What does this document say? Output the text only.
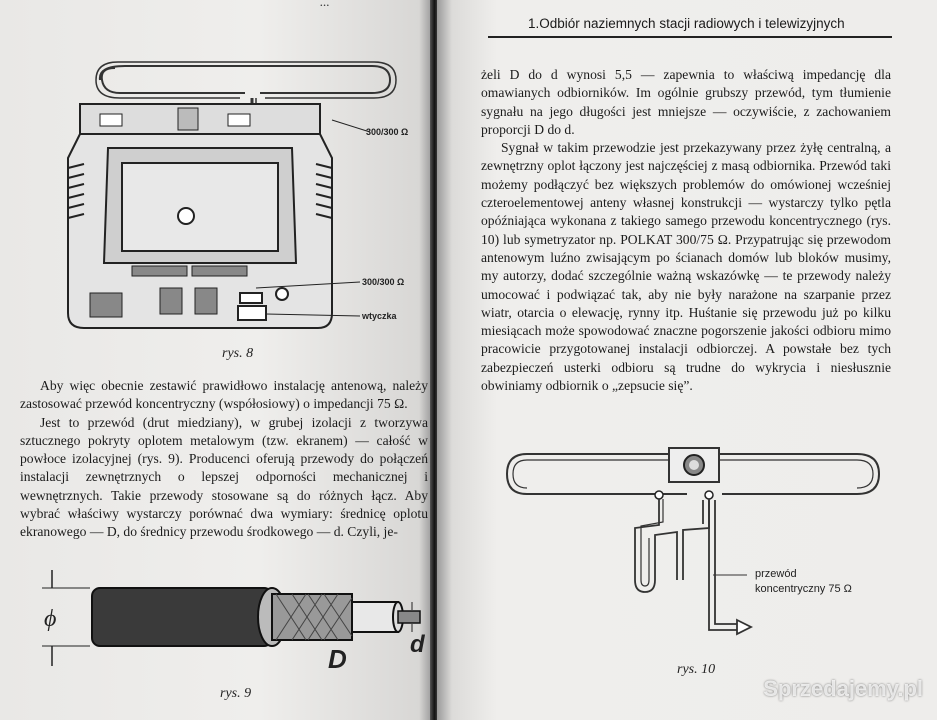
...
300/300 Ω
300/300 Ω
wtyczka
rys. 8

Aby więc obecnie zestawić prawidłowo instalację antenową, należy zastosować przewód koncentryczny (współosiowy) o impedancji 75 Ω.

Jest to przewód (drut miedziany), w grubej izolacji z tworzywa sztucznego pokryty oplotem metalowym (tzw. ekranem) — całość w powłoce izolacyjnej (rys. 9). Producenci oferują przewody do połączeń instalacji zewnętrznych o lepszej odporności mechanicznej i wewnętrznych. Takie przewody stosowane są do różnych łącz. Aby wybrać właściwy wystarczy porównać dwa wymiary: średnicę oplotu ekranowego — D, do średnicy przewodu środkowego — d. Czyli, je-

ϕ
D	d
rys. 9
1.Odbiór naziemnych stacji radiowych i telewizyjnych

żeli D do d wynosi 5,5 — zapewnia to właściwą impedancję dla omawianych odbiorników. Im ogólnie grubszy przewód, tym tłumienie sygnału na jego długości jest mniejsze — oczywiście, z zachowaniem proporcji D do d.

Sygnał w takim przewodzie jest przekazywany przez żyłę centralną, a zewnętrzny oplot łączony jest najczęściej z masą odbiornika. Przewód taki możemy podłączyć bez większych problemów do omówionej wcześniej czteroelementowej anteny własnej konstrukcji — wystarczy tylko pętla opóźniająca wykonana z takiego samego przewodu koncentrycznego (rys. 10) lub symetryzator np. POLKAT 300/75 Ω. Przypatrując się przewodom antenowym luźno zwisającym po ścianach domów lub bloków musimy, my autorzy, dodać szczególnie ważną wskazówkę — te przewody należy umocować i podwiązać tak, aby nie były narażone na szarpanie przez wiatr, otarcia o elewację, rynny itp. Huśtanie się przewodu już po kilku miesiącach może spowodować znaczne pogorszenie jakości odbioru mimo pracowicie przygotowanej instalacji odbiorczej. A powstałe bez tych zabezpieczeń usterki odbioru są trudne do wykrycia i niesłusznie obwiniamy odbiornik o „zepsucie się”.

przewód
koncentryczny 75 Ω
rys. 10
Sprzedajemy.pl
